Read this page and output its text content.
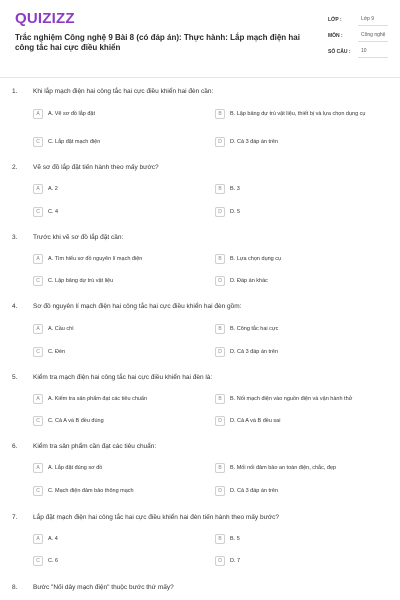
QUIZIZZ
Trắc nghiệm Công nghệ 9 Bài 8 (có đáp án): Thực hành: Lắp mạch điện hai công tắc hai cực điều khiển
LỚP :	Lớp 9
MÔN :	Công nghệ
SỐ CÂU :	10
1. Khi lắp mạch điện hai công tắc hai cực điều khiển hai đèn cần:
A	A. Vẽ sơ đồ lắp đặt	B	B. Lập bảng dự trù vật liệu, thiết bị và lựa chọn dụng cụ
C	C. Lắp đặt mạch điện	D	D. Cả 3 đáp án trên
2. Vẽ sơ đồ lắp đặt tiến hành theo mấy bước?
A	A. 2	B	B. 3
C	C. 4	D	D. 5
3. Trước khi vẽ sơ đồ lắp đặt cần:
A	A. Tìm hiểu sơ đồ nguyên lí mạch điện	B	B. Lựa chọn dụng cụ
C	C. Lập bảng dự trù vật liệu	D	D. Đáp án khác
4. Sơ đồ nguyên lí mạch điện hai công tắc hai cực điều khiển hai đèn gồm:
A	A. Cầu chì	B	B. Công tắc hai cực
C	C. Đèn	D	D. Cả 3 đáp án trên
5. Kiểm tra mạch điện hai công tắc hai cực điều khiển hai đèn là:
A	A. Kiểm tra sản phẩm đạt các tiêu chuẩn	B	B. Nối mạch điện vào nguồn điện và vận hành thử
C	C. Cả A và B đều đúng	D	D. Cả A và B đều sai
6. Kiểm tra sản phẩm cần đạt các tiêu chuẩn:
A	A. Lắp đặt đúng sơ đồ	B	B. Mối nối đảm bảo an toàn điện, chắc, đẹp
C	C. Mạch điện đảm bảo thông mạch	D	D. Cả 3 đáp án trên
7. Lắp đặt mạch điện hai công tắc hai cực điều khiển hai đèn tiến hành theo mấy bước?
A	A. 4	B	B. 5
C	C. 6	D	D. 7
8. Bước "Nối dây mạch điện" thuộc bước thứ mấy?
